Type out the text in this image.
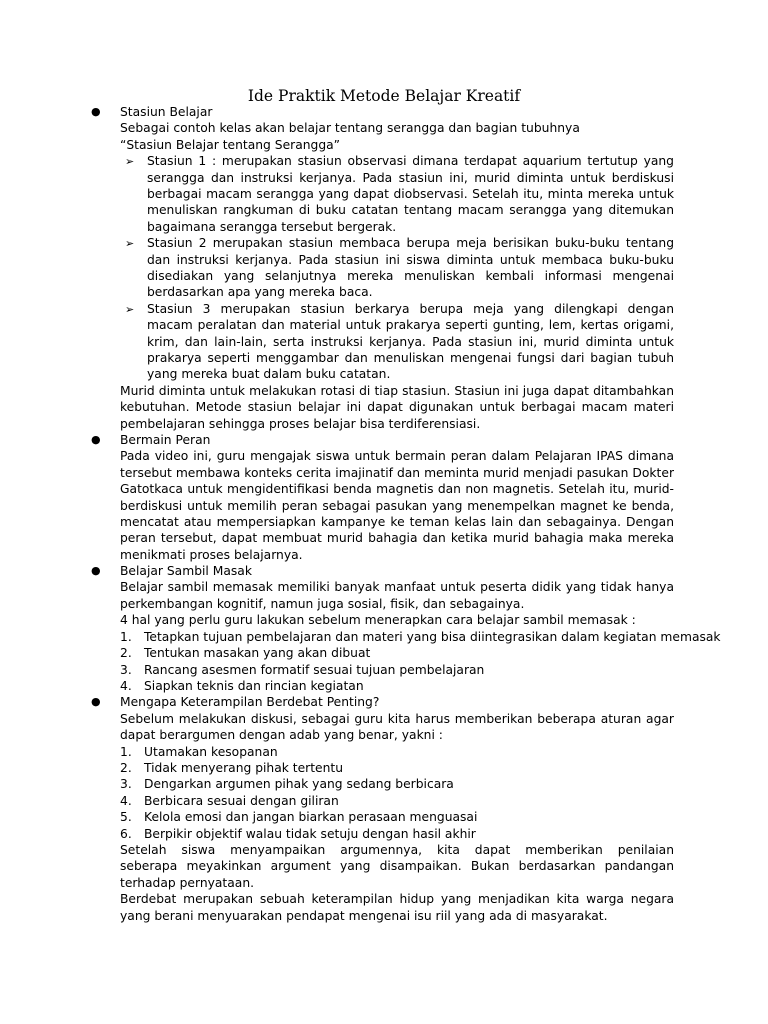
Ide Praktik Metode Belajar Kreatif
● Stasiun Belajar
Sebagai contoh kelas akan belajar tentang serangga dan bagian tubuhnya
“Stasiun Belajar tentang Serangga”
➢ Stasiun 1 : merupakan stasiun observasi dimana terdapat aquarium tertutup yang
serangga dan instruksi kerjanya. Pada stasiun ini, murid diminta untuk berdiskusi
berbagai macam serangga yang dapat diobservasi. Setelah itu, minta mereka untuk
menuliskan rangkuman di buku catatan tentang macam serangga yang ditemukan
bagaimana serangga tersebut bergerak.
➢ Stasiun 2 merupakan stasiun membaca berupa meja berisikan buku-buku tentang
dan instruksi kerjanya. Pada stasiun ini siswa diminta untuk membaca buku-buku
disediakan yang selanjutnya mereka menuliskan kembali informasi mengenai
berdasarkan apa yang mereka baca.
➢ Stasiun 3 merupakan stasiun berkarya berupa meja yang dilengkapi dengan
macam peralatan dan material untuk prakarya seperti gunting, lem, kertas origami,
krim, dan lain-lain, serta instruksi kerjanya. Pada stasiun ini, murid diminta untuk
prakarya seperti menggambar dan menuliskan mengenai fungsi dari bagian tubuh
yang mereka buat dalam buku catatan.
Murid diminta untuk melakukan rotasi di tiap stasiun. Stasiun ini juga dapat ditambahkan
kebutuhan. Metode stasiun belajar ini dapat digunakan untuk berbagai macam materi
pembelajaran sehingga proses belajar bisa terdiferensiasi.
● Bermain Peran
Pada video ini, guru mengajak siswa untuk bermain peran dalam Pelajaran IPAS dimana
tersebut membawa konteks cerita imajinatif dan meminta murid menjadi pasukan Dokter
Gatotkaca untuk mengidentifikasi benda magnetis dan non magnetis. Setelah itu, murid-
berdiskusi untuk memilih peran sebagai pasukan yang menempelkan magnet ke benda,
mencatat atau mempersiapkan kampanye ke teman kelas lain dan sebagainya. Dengan
peran tersebut, dapat membuat murid bahagia dan ketika murid bahagia maka mereka
menikmati proses belajarnya.
● Belajar Sambil Masak
Belajar sambil memasak memiliki banyak manfaat untuk peserta didik yang tidak hanya
perkembangan kognitif, namun juga sosial, fisik, dan sebagainya.
4 hal yang perlu guru lakukan sebelum menerapkan cara belajar sambil memasak :
1. Tetapkan tujuan pembelajaran dan materi yang bisa diintegrasikan dalam kegiatan memasak
2. Tentukan masakan yang akan dibuat
3. Rancang asesmen formatif sesuai tujuan pembelajaran
4. Siapkan teknis dan rincian kegiatan
● Mengapa Keterampilan Berdebat Penting?
Sebelum melakukan diskusi, sebagai guru kita harus memberikan beberapa aturan agar
dapat berargumen dengan adab yang benar, yakni :
1. Utamakan kesopanan
2. Tidak menyerang pihak tertentu
3. Dengarkan argumen pihak yang sedang berbicara
4. Berbicara sesuai dengan giliran
5. Kelola emosi dan jangan biarkan perasaan menguasai
6. Berpikir objektif walau tidak setuju dengan hasil akhir
Setelah siswa menyampaikan argumennya, kita dapat memberikan penilaian
seberapa meyakinkan argument yang disampaikan. Bukan berdasarkan pandangan
terhadap pernyataan.
Berdebat merupakan sebuah keterampilan hidup yang menjadikan kita warga negara
yang berani menyuarakan pendapat mengenai isu riil yang ada di masyarakat.
